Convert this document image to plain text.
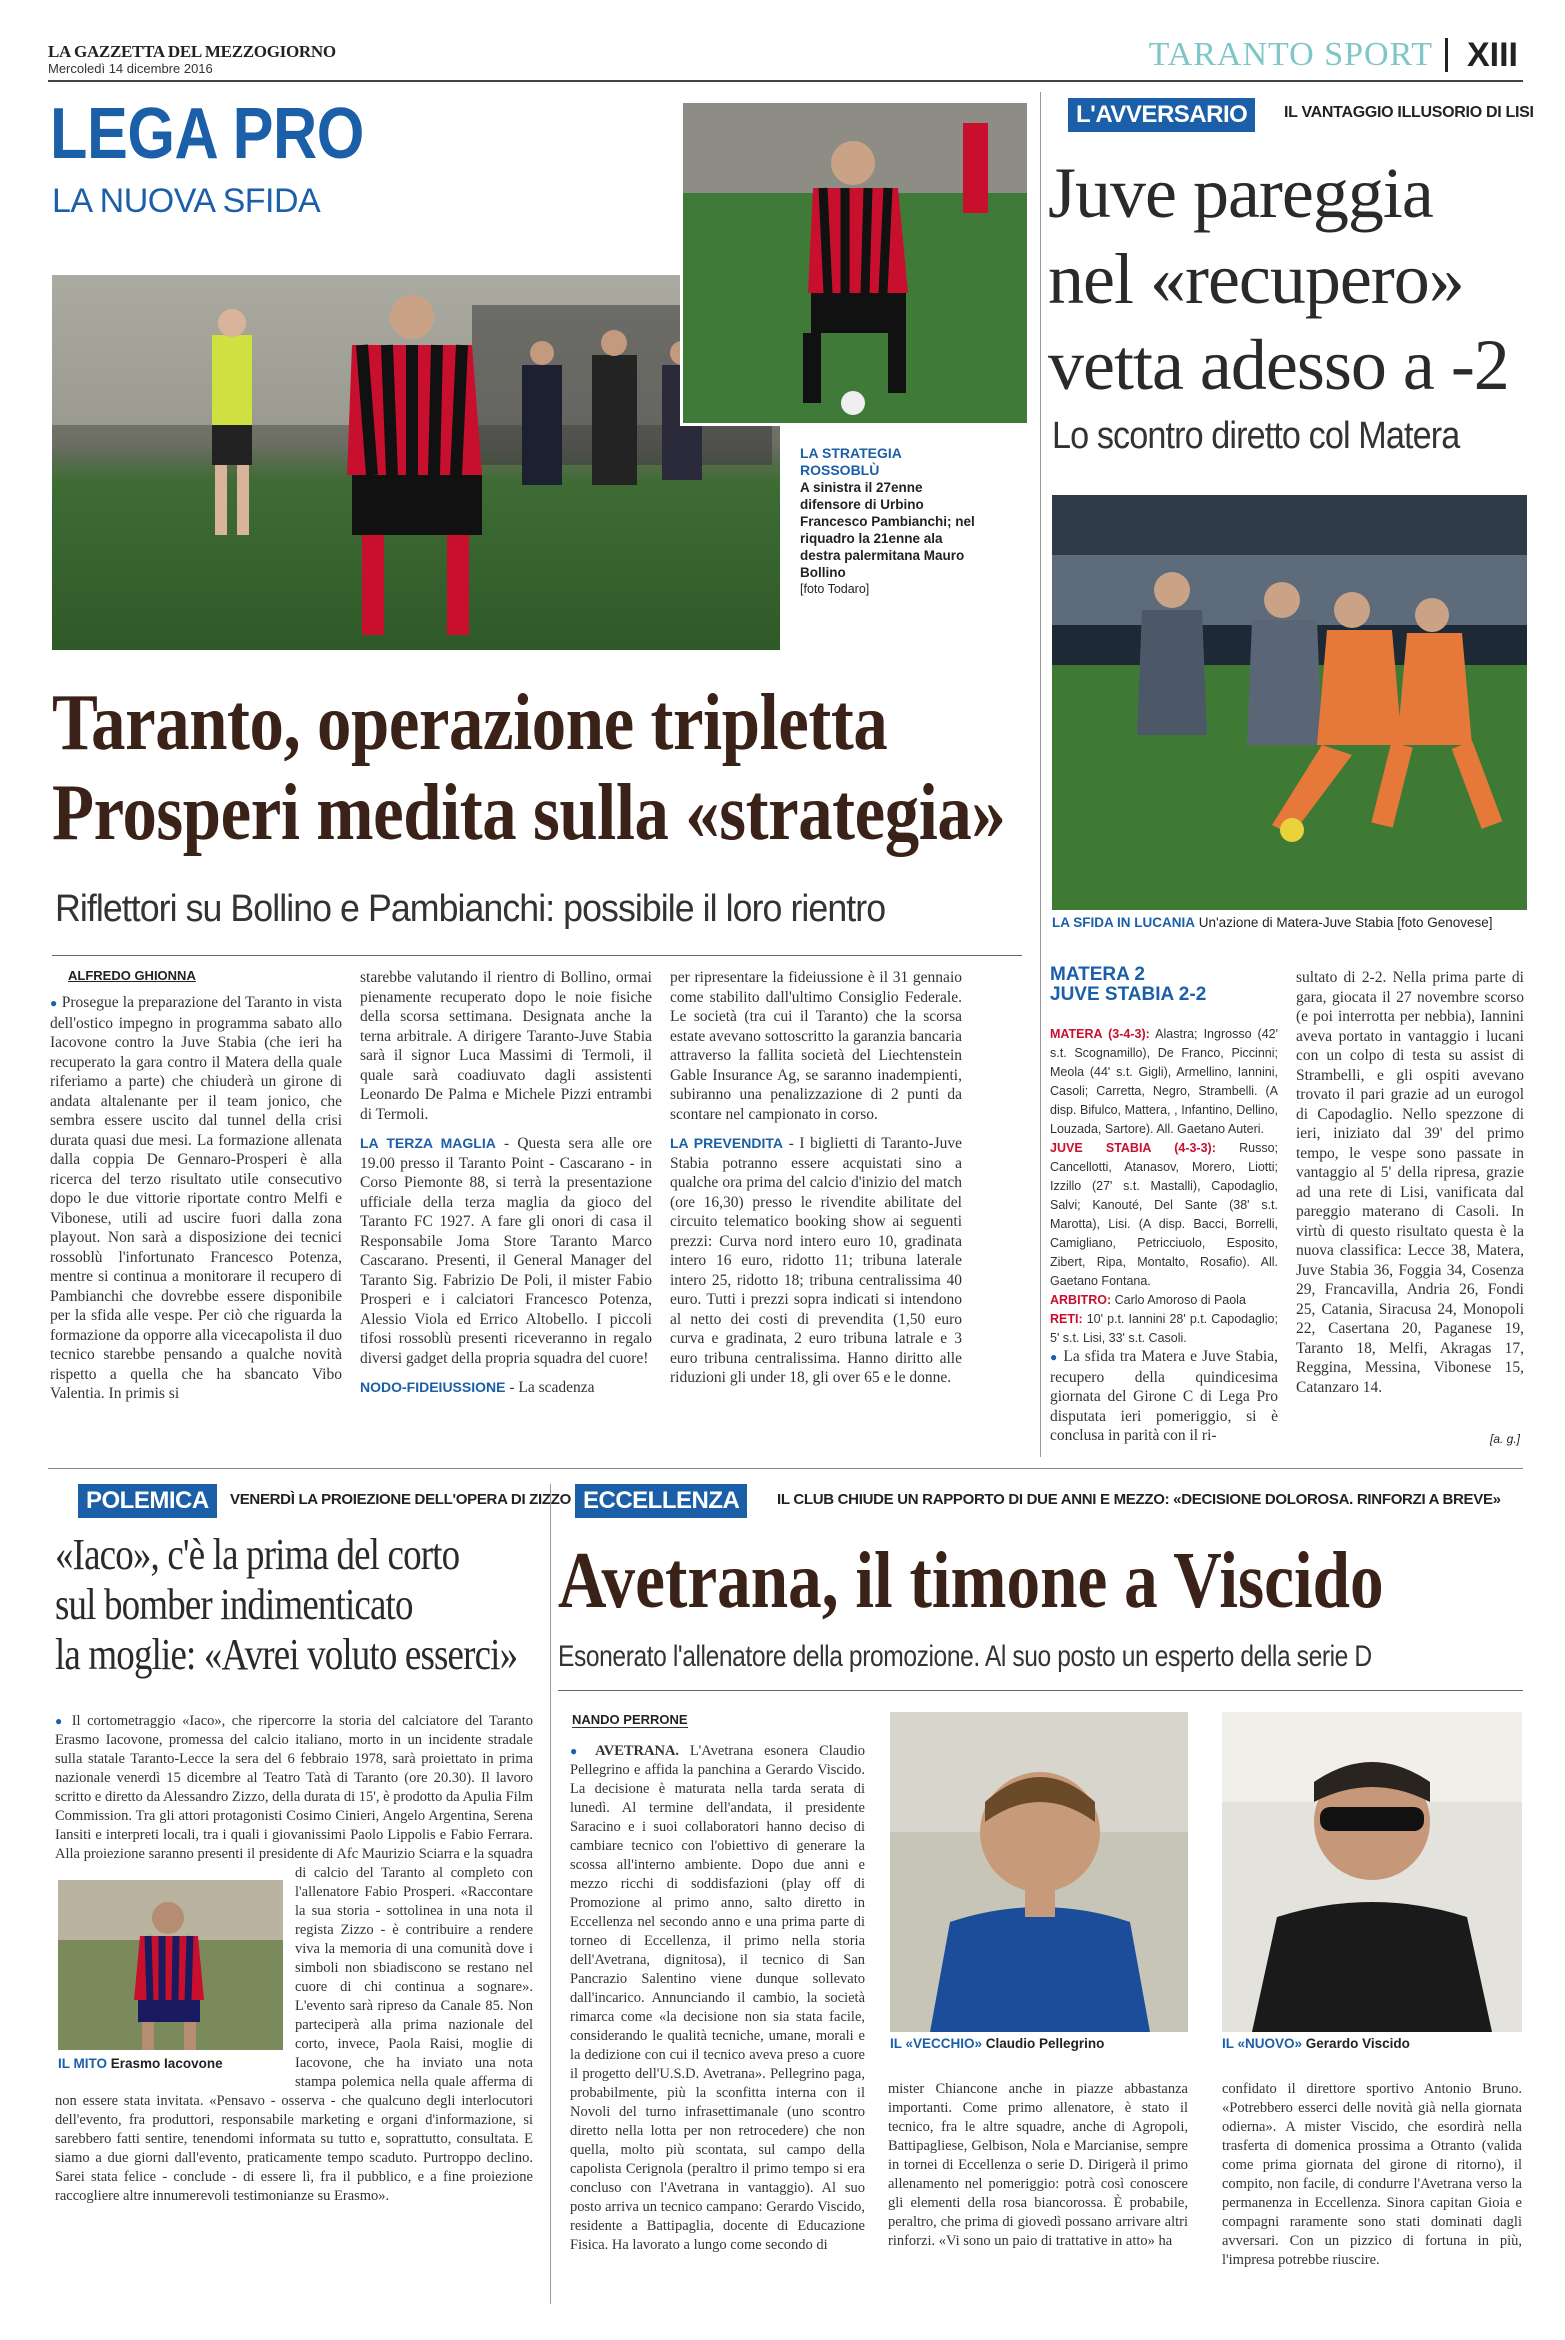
LA GAZZETTA DEL MEZZOGIORNO
Mercoledì 14 dicembre 2016	TARANTO SPORT XIII
LEGA PRO
LA NUOVA SFIDA
LA STRATEGIA ROSSOBLÙ
A sinistra il 27enne difensore di Urbino Francesco Pambianchi; nel riquadro la 21enne ala destra palermitana Mauro Bollino
[foto Todaro]
Taranto, operazione tripletta
Prosperi medita sulla «strategia»
Riflettori su Bollino e Pambianchi: possibile il loro rientro
ALFREDO GHIONNA
● Prosegue la preparazione del Taranto in vista dell'ostico impegno in programma sabato allo Iacovone contro la Juve Stabia (che ieri ha recuperato la gara contro il Matera della quale riferiamo a parte) che chiuderà un girone di andata altalenante per il team jonico, che sembra essere uscito dal tunnel della crisi durata quasi due mesi. La formazione allenata dalla coppia De Gennaro-Prosperi è alla ricerca del terzo risultato utile consecutivo dopo le due vittorie riportate contro Melfi e Vibonese, utili ad uscire fuori dalla zona playout. Non sarà a disposizione dei tecnici rossoblù l'infortunato Francesco Potenza, mentre si continua a monitorare il recupero di Pambianchi che dovrebbe essere disponibile per la sfida alle vespe. Per ciò che riguarda la formazione da opporre alla vicecapolista il duo tecnico starebbe pensando a qualche novità rispetto a quella che ha sbancato Vibo Valentia. In primis si
starebbe valutando il rientro di Bollino, ormai pienamente recuperato dopo le noie fisiche della scorsa settimana. Designata anche la terna arbitrale. A dirigere Taranto-Juve Stabia sarà il signor Luca Massimi di Termoli, il quale sarà coadiuvato dagli assistenti Leonardo De Palma e Michele Pizzi entrambi di Termoli.
LA TERZA MAGLIA - Questa sera alle ore 19.00 presso il Taranto Point - Cascarano - in Corso Piemonte 88, si terrà la presentazione ufficiale della terza maglia da gioco del Taranto FC 1927. A fare gli onori di casa il Responsabile Joma Store Taranto Marco Cascarano. Presenti, il General Manager del Taranto Sig. Fabrizio De Poli, il mister Fabio Prosperi e i calciatori Francesco Potenza, Alessio Viola ed Errico Altobello. I piccoli tifosi rossoblù presenti riceveranno in regalo diversi gadget della propria squadra del cuore!
NODO-FIDEIUSSIONE - La scadenza
per ripresentare la fideiussione è il 31 gennaio come stabilito dall'ultimo Consiglio Federale. Le società (tra cui il Taranto) che la scorsa estate avevano sottoscritto la garanzia bancaria attraverso la fallita società del Liechtenstein Gable Insurance Ag, se saranno inadempienti, subiranno una penalizzazione di 2 punti da scontare nel campionato in corso.
LA PREVENDITA - I biglietti di Taranto-Juve Stabia potranno essere acquistati sino a qualche ora prima del calcio d'inizio del match (ore 16,30) presso le rivendite abilitate del circuito telematico booking show ai seguenti prezzi: Curva nord intero euro 10, gradinata intero 16 euro, ridotto 11; tribuna laterale intero 25, ridotto 18; tribuna centralissima 40 euro. Tutti i prezzi sopra indicati si intendono al netto dei costi di prevendita (1,50 euro curva e gradinata, 2 euro tribuna latrale e 3 euro tribuna centralissima. Hanno diritto alle riduzioni gli under 18, gli over 65 e le donne.
L'AVVERSARIO	IL VANTAGGIO ILLUSORIO DI LISI
Juve pareggia
nel «recupero»
vetta adesso a -2
Lo scontro diretto col Matera
LA SFIDA IN LUCANIA Un'azione di Matera-Juve Stabia [foto Genovese]
MATERA 2
JUVE STABIA 2-2
MATERA (3-4-3): Alastra; Ingrosso (42' s.t. Scognamillo), De Franco, Piccinni; Meola (44' s.t. Gigli), Armellino, Iannini, Casoli; Carretta, Negro, Strambelli. (A disp. Bifulco, Mattera, , Infantino, Dellino, Louzada, Sartore). All. Gaetano Auteri.
JUVE STABIA (4-3-3): Russo; Cancellotti, Atanasov, Morero, Liotti; Izzillo (27' s.t. Mastalli), Capodaglio, Salvi; Kanouté, Del Sante (38' s.t. Marotta), Lisi. (A disp. Bacci, Borrelli, Camigliano, Petricciuolo, Esposito, Zibert, Ripa, Montalto, Rosafio). All. Gaetano Fontana.
ARBITRO: Carlo Amoroso di Paola
RETI: 10' p.t. Iannini 28' p.t. Capodaglio; 5' s.t. Lisi, 33' s.t. Casoli.
● La sfida tra Matera e Juve Stabia, recupero della quindicesima giornata del Girone C di Lega Pro disputata ieri pomeriggio, si è conclusa in parità con il ri-
sultato di 2-2. Nella prima parte di gara, giocata il 27 novembre scorso (e poi interrotta per nebbia), Iannini aveva portato in vantaggio i lucani con un colpo di testa su assist di Strambelli, e gli ospiti avevano trovato il pari grazie ad un eurogol di Capodaglio. Nello spezzone di ieri, iniziato dal 39' del primo tempo, le vespe sono passate in vantaggio al 5' della ripresa, grazie ad una rete di Lisi, vanificata dal pareggio materano di Casoli. In virtù di questo risultato questa è la nuova classifica: Lecce 38, Matera, Juve Stabia 36, Foggia 34, Cosenza 29, Francavilla, Andria 26, Fondi 25, Catania, Siracusa 24, Monopoli 22, Casertana 20, Paganese 19, Taranto 18, Melfi, Akragas 17, Reggina, Messina, Vibonese 15, Catanzaro 14.
[a. g.]
POLEMICA	VENERDÌ LA PROIEZIONE DELL'OPERA DI ZIZZO
«Iaco», c'è la prima del corto
sul bomber indimenticato
la moglie: «Avrei voluto esserci»
IL MITO Erasmo Iacovone
● Il cortometraggio «Iaco», che ripercorre la storia del calciatore del Taranto Erasmo Iacovone, promessa del calcio italiano, morto in un incidente stradale sulla statale Taranto-Lecce la sera del 6 febbraio 1978, sarà proiettato in prima nazionale venerdì 15 dicembre al Teatro Tatà di Taranto (ore 20.30). Il lavoro scritto e diretto da Alessandro Zizzo, della durata di 15', è prodotto da Apulia Film Commission. Tra gli attori protagonisti Cosimo Cinieri, Angelo Argentina, Serena Iansiti e interpreti locali, tra i quali i giovanissimi Paolo Lippolis e Fabio Ferrara. Alla proiezione saranno presenti il presidente di Afc Maurizio Sciarra e la squadra di calcio del Taranto al completo con l'allenatore Fabio Prosperi. «Raccontare la sua storia - sottolinea in una nota il regista Zizzo - è contribuire a rendere viva la memoria di una comunità dove i simboli non sbiadiscono se restano nel cuore di chi continua a sognare». L'evento sarà ripreso da Canale 85. Non parteciperà alla prima nazionale del corto, invece, Paola Raisi, moglie di Iacovone, che ha inviato una nota stampa polemica nella quale afferma di non essere stata invitata. «Pensavo - osserva - che qualcuno degli interlocutori dell'evento, fra produttori, responsabile marketing e organi d'informazione, si sarebbero fatti sentire, tenendomi informata su tutto e, soprattutto, consultata. E siamo a due giorni dall'evento, praticamente tempo scaduto. Purtroppo declino. Sarei stata felice - conclude - di essere lì, fra il pubblico, e a fine proiezione raccogliere altre innumerevoli testimonianze su Erasmo».
ECCELLENZA	IL CLUB CHIUDE UN RAPPORTO DI DUE ANNI E MEZZO: «DECISIONE DOLOROSA. RINFORZI A BREVE»
Avetrana, il timone a Viscido
Esonerato l'allenatore della promozione. Al suo posto un esperto della serie D
NANDO PERRONE
● AVETRANA. L'Avetrana esonera Claudio Pellegrino e affida la panchina a Gerardo Viscido. La decisione è maturata nella tarda serata di lunedì. Al termine dell'andata, il presidente Saracino e i suoi collaboratori hanno deciso di cambiare tecnico con l'obiettivo di generare la scossa all'interno ambiente. Dopo due anni e mezzo ricchi di soddisfazioni (play off di Promozione al primo anno, salto diretto in Eccellenza nel secondo anno e una prima parte di torneo di Eccellenza, il primo nella storia dell'Avetrana, dignitosa), il tecnico di San Pancrazio Salentino viene dunque sollevato dall'incarico. Annunciando il cambio, la società rimarca come «la decisione non sia stata facile, considerando le qualità tecniche, umane, morali e la dedizione con cui il tecnico aveva preso a cuore il progetto dell'U.S.D. Avetrana». Pellegrino paga, probabilmente, più la sconfitta interna con il Novoli del turno infrasettimanale (uno scontro diretto nella lotta per non retrocedere) che non quella, molto più scontata, sul campo della capolista Cerignola (peraltro il primo tempo si era concluso con l'Avetrana in vantaggio). Al suo posto arriva un tecnico campano: Gerardo Viscido, residente a Battipaglia, docente di Educazione Fisica. Ha lavorato a lungo come secondo di
IL «VECCHIO» Claudio Pellegrino	IL «NUOVO» Gerardo Viscido
mister Chiancone anche in piazze abbastanza importanti. Come primo allenatore, è stato il tecnico, fra le altre squadre, anche di Agropoli, Battipagliese, Gelbison, Nola e Marcianise, sempre in tornei di Eccellenza o serie D. Dirigerà il primo allenamento nel pomeriggio: potrà così conoscere gli elementi della rosa biancorossa. È probabile, peraltro, che prima di giovedì possano arrivare altri rinforzi. «Vi sono un paio di trattative in atto» ha
confidato il direttore sportivo Antonio Bruno. «Potrebbero esserci delle novità già nella giornata odierna». A mister Viscido, che esordirà nella trasferta di domenica prossima a Otranto (valida come prima giornata del girone di ritorno), il compito, non facile, di condurre l'Avetrana verso la permanenza in Eccellenza. Sinora capitan Gioia e compagni raramente sono stati dominati dagli avversari. Con un pizzico di fortuna in più, l'impresa potrebbe riuscire.
